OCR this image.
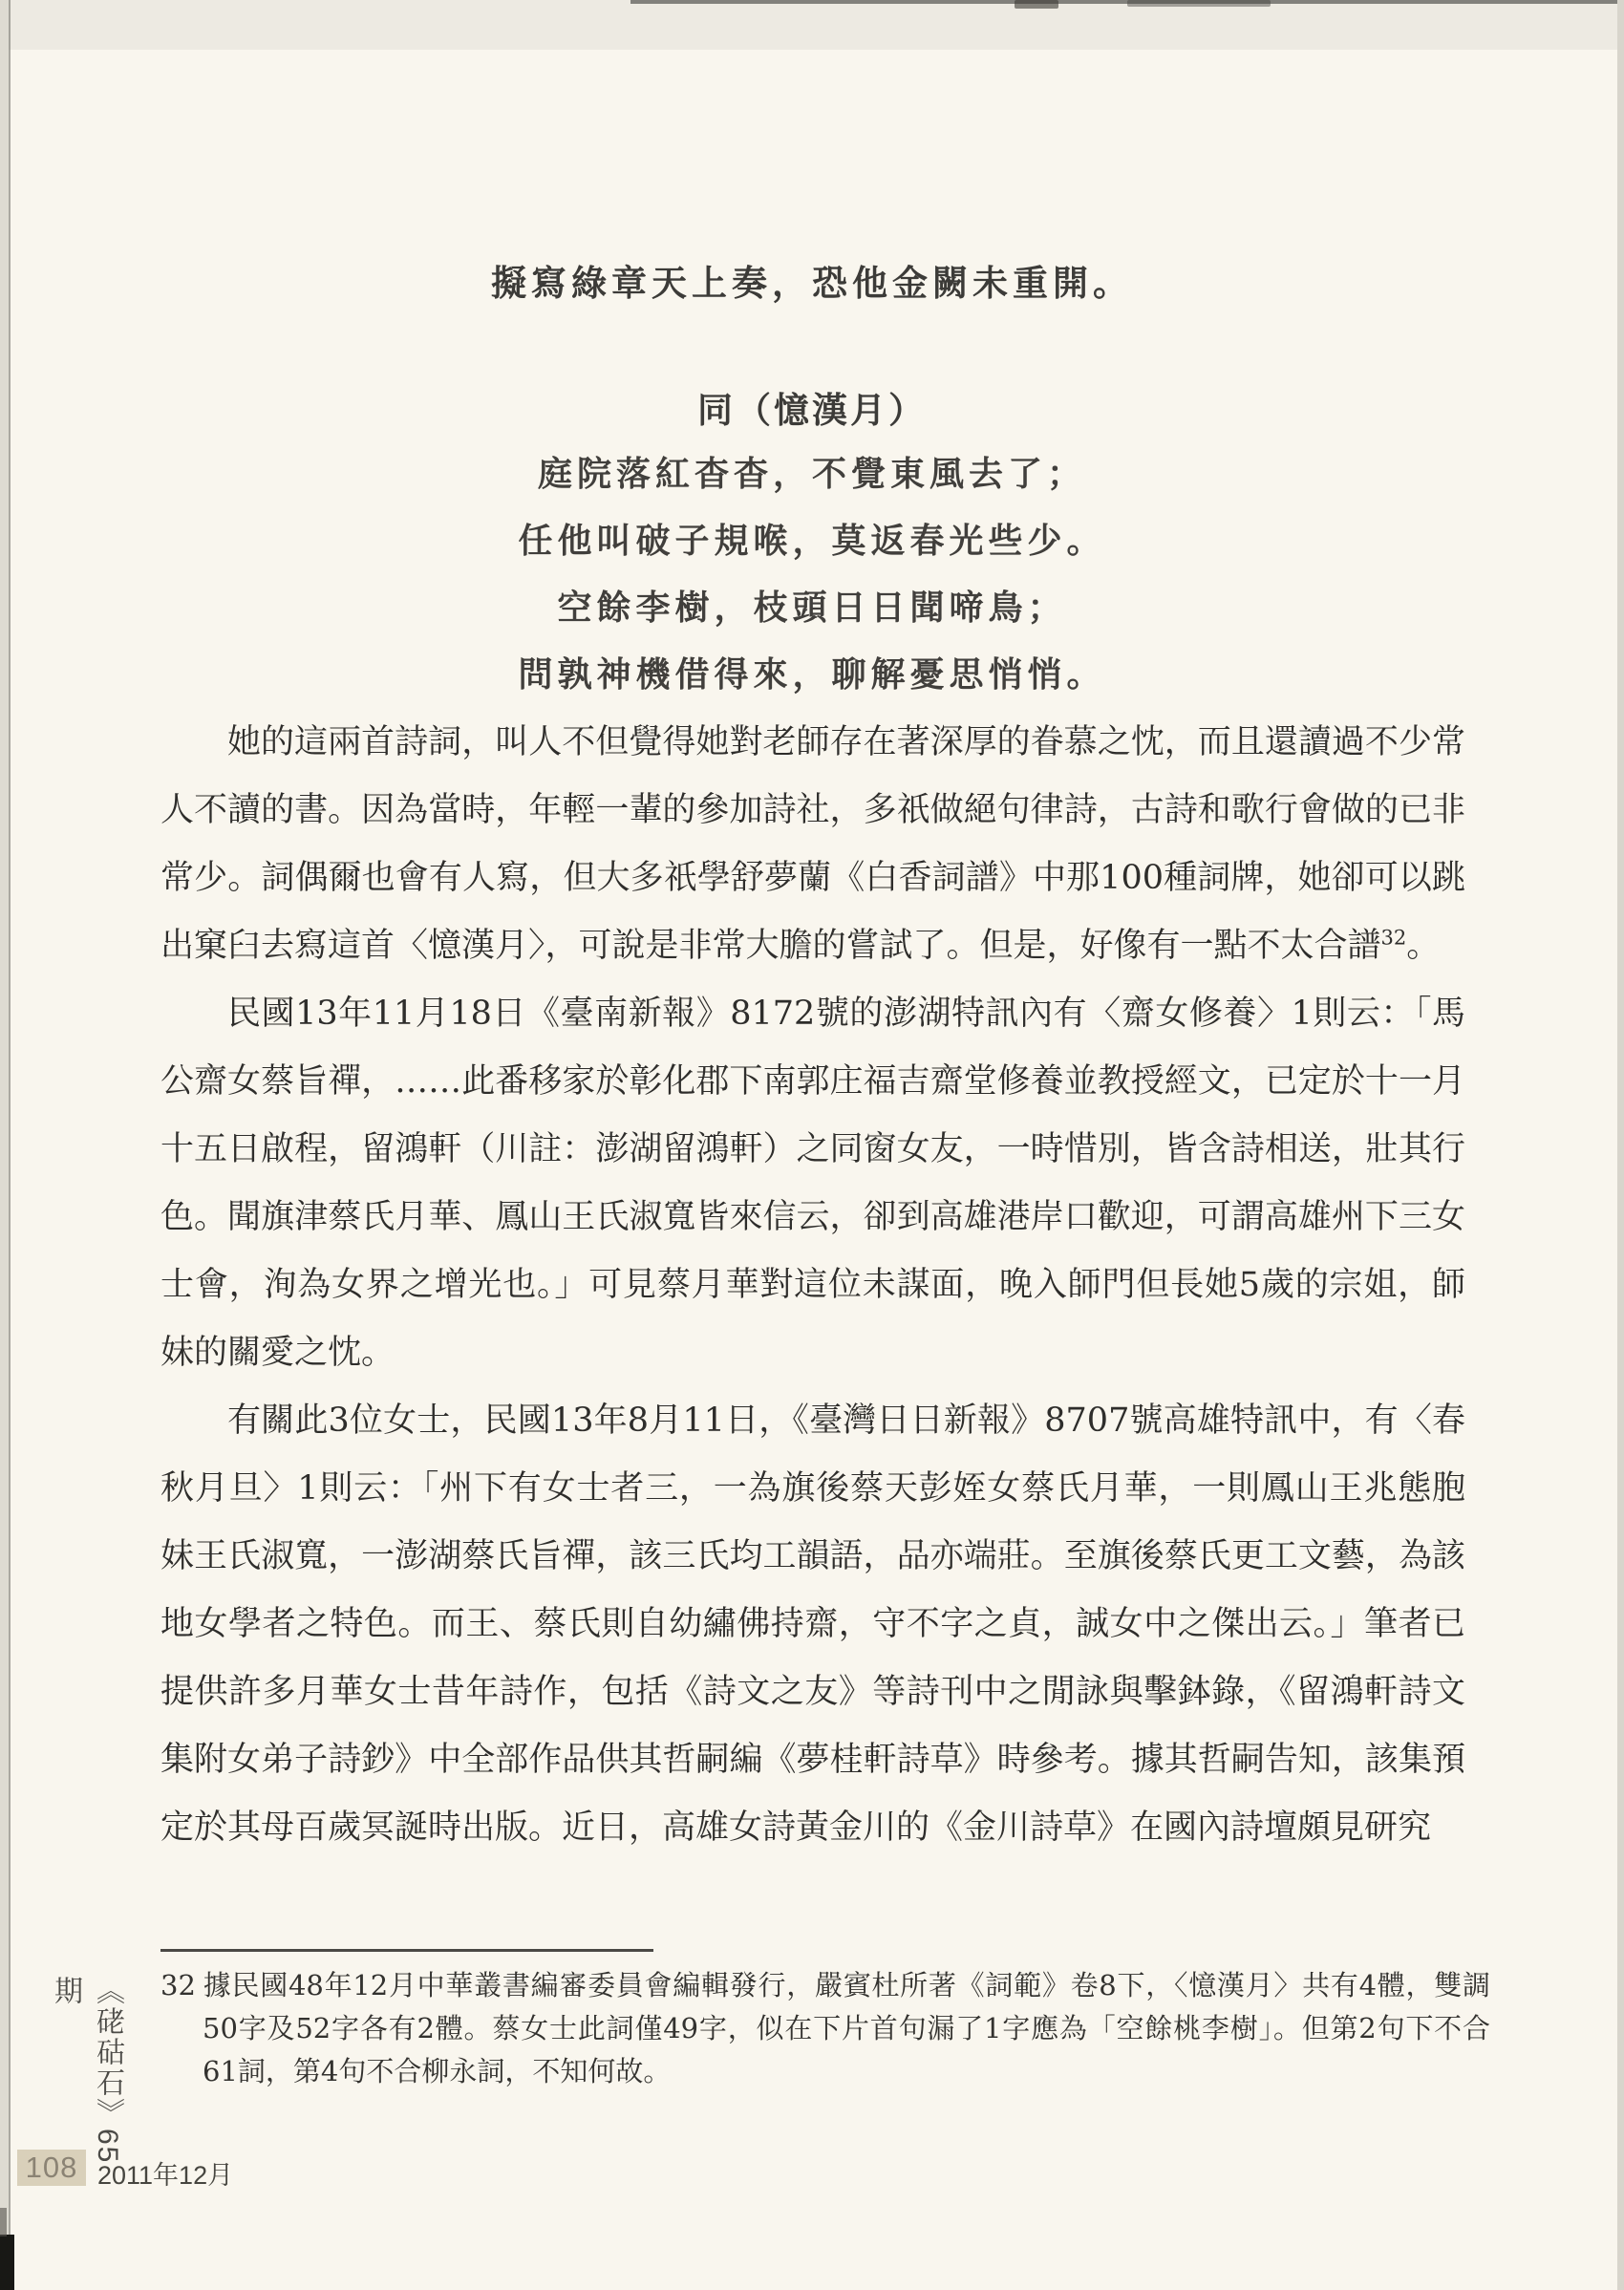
擬寫綠章天上奏，恐他金闕未重開。
同（憶漢月）
庭院落紅杳杳，不覺東風去了；
任他叫破子規喉，莫返春光些少。
空餘李樹，枝頭日日聞啼鳥；
問孰神機借得來，聊解憂思悄悄。

她的這兩首詩詞，叫人不但覺得她對老師存在著深厚的眷慕之忱，而且還讀過不少常人不讀的書。因為當時，年輕一輩的參加詩社，多祇做絕句律詩，古詩和歌行會做的已非常少。詞偶爾也會有人寫，但大多祇學舒夢蘭《白香詞譜》中那100種詞牌，她卻可以跳出窠臼去寫這首〈憶漢月〉，可說是非常大膽的嘗試了。但是，好像有一點不太合譜$^{32}$。

民國13年11月18日《臺南新報》8172號的澎湖特訊內有〈齋女修養〉1則云：「馬公齋女蔡旨禪，……此番移家於彰化郡下南郭庄福吉齋堂修養並教授經文，已定於十一月十五日啟程，留鴻軒（川註：澎湖留鴻軒）之同窗女友，一時惜別，皆含詩相送，壯其行色。聞旗津蔡氏月華、鳳山王氏淑寬皆來信云，卻到高雄港岸口歡迎，可謂高雄州下三女士會，洵為女界之增光也。」可見蔡月華對這位未謀面，晚入師門但長她5歲的宗姐，師妹的關愛之忱。

有關此3位女士，民國13年8月11日，《臺灣日日新報》8707號高雄特訊中，有〈春秋月旦〉1則云：「州下有女士者三，一為旗後蔡天彭姪女蔡氏月華，一則鳳山王兆態胞妹王氏淑寬，一澎湖蔡氏旨禪，該三氏均工韻語，品亦端莊。至旗後蔡氏更工文藝，為該地女學者之特色。而王、蔡氏則自幼繡佛持齋，守不字之貞，誠女中之傑出云。」筆者已提供許多月華女士昔年詩作，包括《詩文之友》等詩刊中之閒詠與擊鉢錄，《留鴻軒詩文集附女弟子詩鈔》中全部作品供其哲嗣編《夢桂軒詩草》時參考。據其哲嗣告知，該集預定於其母百歲冥誕時出版。近日，高雄女詩黃金川的《金川詩草》在國內詩壇頗見研究

32 據民國48年12月中華叢書編審委員會編輯發行，嚴賓杜所著《詞範》卷8下，〈憶漢月〉共有4體，雙調50字及52字各有2體。蔡女士此詞僅49字，似在下片首句漏了1字應為「空餘桃李樹」。但第2句下不合61詞，第4句不合柳永詞，不知何故。
《硓𥑮石》65期
108 2011年12月
